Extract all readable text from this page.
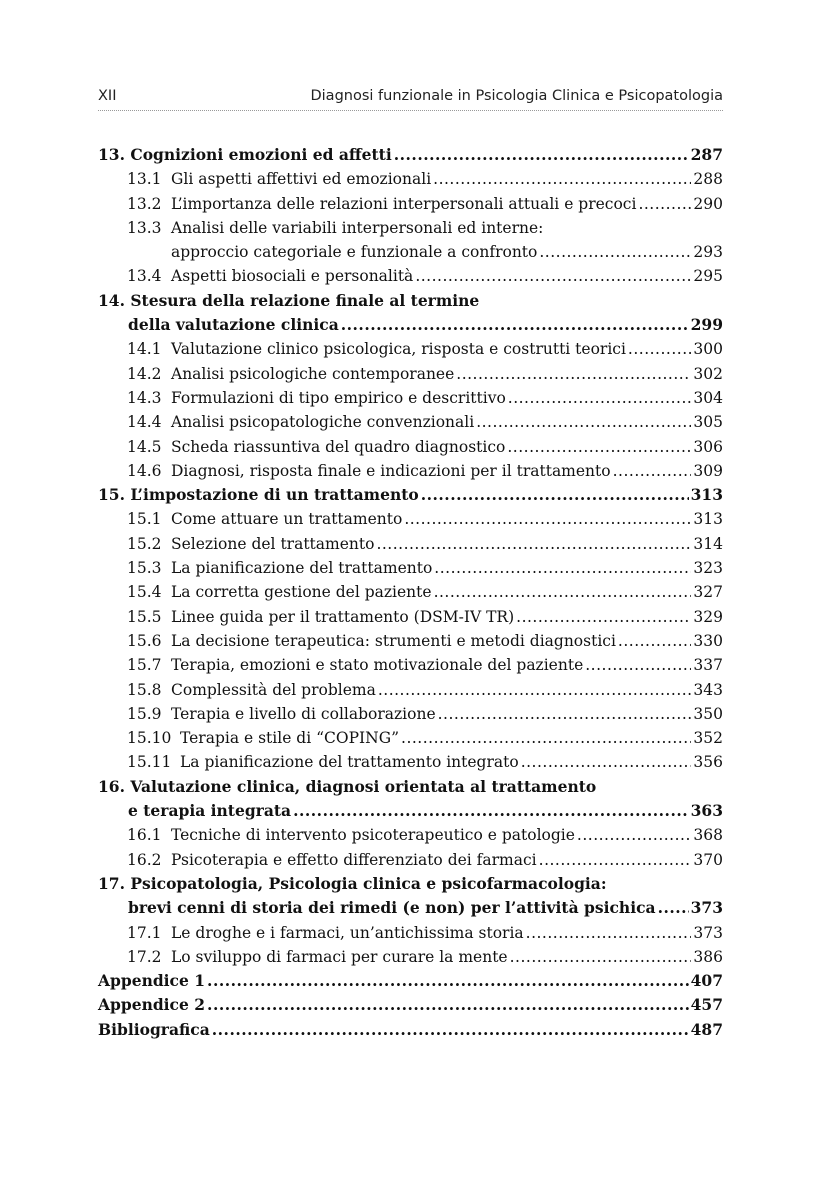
XII	Diagnosi funzionale in Psicologia Clinica e Psicopatologia
13. Cognizioni emozioni ed affetti .....	287
13.1 Gli aspetti affettivi ed emozionali .....	288
13.2 L’importanza delle relazioni interpersonali attuali e precoci .....	290
13.3 Analisi delle variabili interpersonali ed interne:
approccio categoriale e funzionale a confronto .....	293
13.4 Aspetti biosociali e personalità .....	295
14. Stesura della relazione finale al termine
della valutazione clinica .....	299
14.1 Valutazione clinico psicologica, risposta e costrutti teorici .....	300
14.2 Analisi psicologiche contemporanee .....	302
14.3 Formulazioni di tipo empirico e descrittivo .....	304
14.4 Analisi psicopatologiche convenzionali .....	305
14.5 Scheda riassuntiva del quadro diagnostico .....	306
14.6 Diagnosi, risposta finale e indicazioni per il trattamento .....	309
15. L’impostazione di un trattamento .....	313
15.1 Come attuare un trattamento .....	313
15.2 Selezione del trattamento .....	314
15.3 La pianificazione del trattamento .....	323
15.4 La corretta gestione del paziente .....	327
15.5 Linee guida per il trattamento (DSM-IV TR) .....	329
15.6 La decisione terapeutica: strumenti e metodi diagnostici .....	330
15.7 Terapia, emozioni e stato motivazionale del paziente .....	337
15.8 Complessità del problema .....	343
15.9 Terapia e livello di collaborazione .....	350
15.10 Terapia e stile di “COPING” .....	352
15.11 La pianificazione del trattamento integrato .....	356
16. Valutazione clinica, diagnosi orientata al trattamento
e terapia integrata .....	363
16.1 Tecniche di intervento psicoterapeutico e patologie .....	368
16.2 Psicoterapia e effetto differenziato dei farmaci .....	370
17. Psicopatologia, Psicologia clinica e psicofarmacologia:
brevi cenni di storia dei rimedi (e non) per l’attività psichica ..... 373
17.1 Le droghe e i farmaci, un’antichissima storia .....	373
17.2 Lo sviluppo di farmaci per curare la mente .....	386
Appendice 1 .....	407
Appendice 2 .....	457
Bibliografica .....	487
